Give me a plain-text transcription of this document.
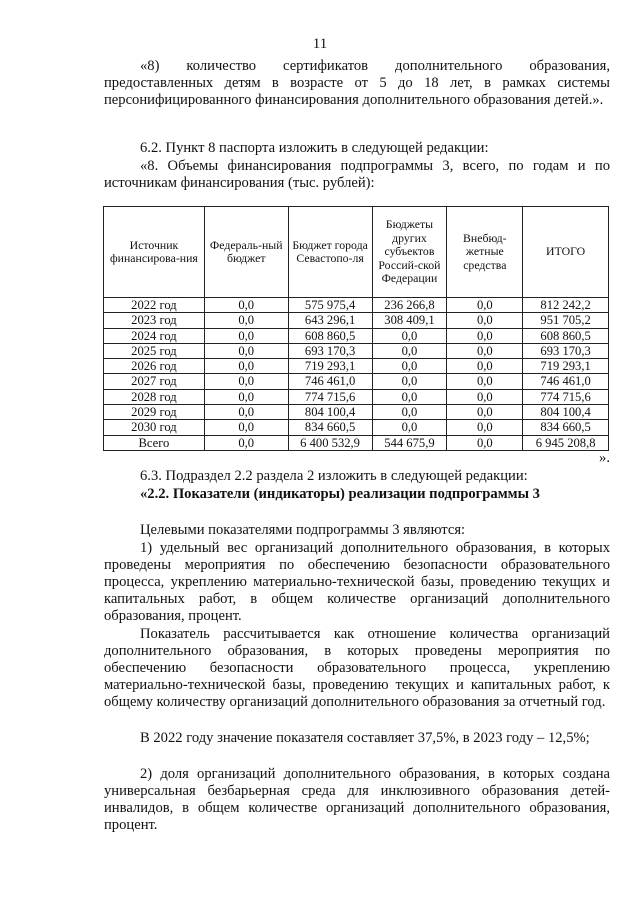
11

«8) количество сертификатов дополнительного образования, предоставленных детям в возрасте от 5 до 18 лет, в рамках системы персонифицированного финансирования дополнительного образования детей.».

6.2. Пункт 8 паспорта изложить в следующей редакции:

«8. Объемы финансирования подпрограммы 3, всего, по годам и по источникам финансирования (тыс. рублей):

Источник финансирова-ния	Федераль-ный бюджет	Бюджет города Севастопо-ля	Бюджеты других субъектов Россий-ской Федерации	Внебюд-жетные средства	ИТОГО
2022 год	0,0	575 975,4	236 266,8	0,0	812 242,2
2023 год	0,0	643 296,1	308 409,1	0,0	951 705,2
2024 год	0,0	608 860,5	0,0	0,0	608 860,5
2025 год	0,0	693 170,3	0,0	0,0	693 170,3
2026 год	0,0	719 293,1	0,0	0,0	719 293,1
2027 год	0,0	746 461,0	0,0	0,0	746 461,0
2028 год	0,0	774 715,6	0,0	0,0	774 715,6
2029 год	0,0	804 100,4	0,0	0,0	804 100,4
2030 год	0,0	834 660,5	0,0	0,0	834 660,5
Всего	0,0	6 400 532,9	544 675,9	0,0	6 945 208,8
».

6.3. Подраздел 2.2 раздела 2 изложить в следующей редакции:

«2.2. Показатели (индикаторы) реализации подпрограммы 3

Целевыми показателями подпрограммы 3 являются:

1) удельный вес организаций дополнительного образования, в которых проведены мероприятия по обеспечению безопасности образовательного процесса, укреплению материально-технической базы, проведению текущих и капитальных работ, в общем количестве организаций дополнительного образования, процент.

Показатель рассчитывается как отношение количества организаций дополнительного образования, в которых проведены мероприятия по обеспечению безопасности образовательного процесса, укреплению материально-технической базы, проведению текущих и капитальных работ, к общему количеству организаций дополнительного образования за отчетный год.

В 2022 году значение показателя составляет 37,5%, в 2023 году – 12,5%;

2) доля организаций дополнительного образования, в которых создана универсальная безбарьерная среда для инклюзивного образования детей-инвалидов, в общем количестве организаций дополнительного образования, процент.
